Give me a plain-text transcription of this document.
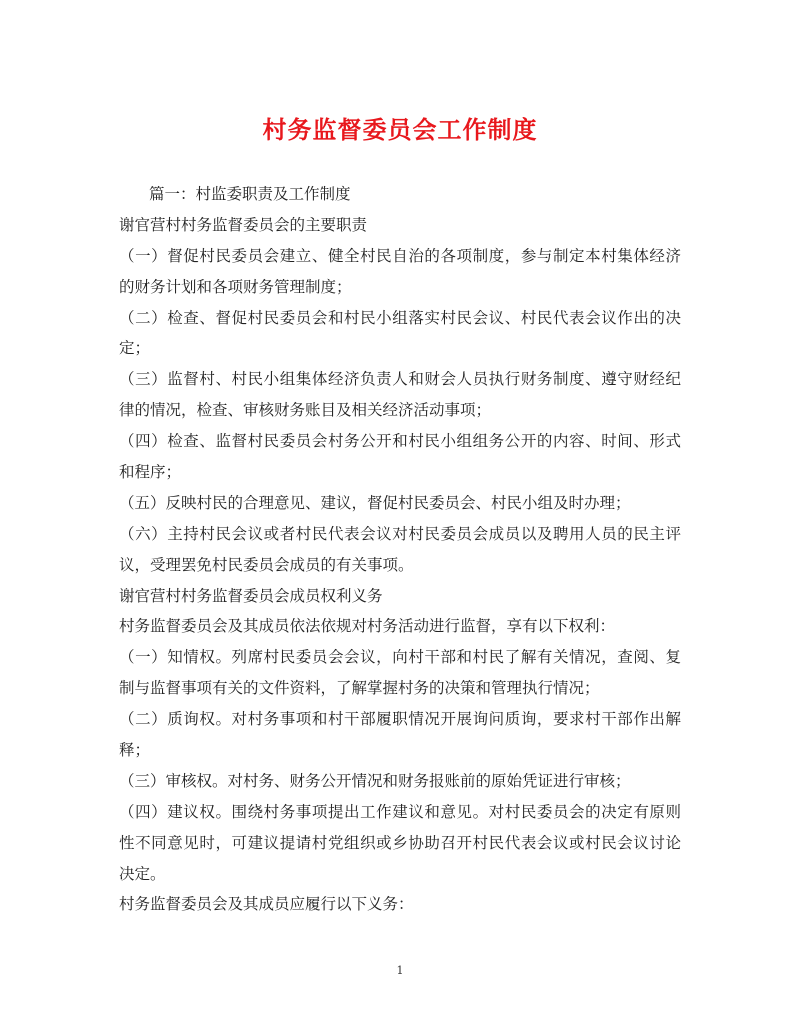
村务监督委员会工作制度
篇一：村监委职责及工作制度
谢官营村村务监督委员会的主要职责
（一）督促村民委员会建立、健全村民自治的各项制度，参与制定本村集体经济
的财务计划和各项财务管理制度；
（二）检查、督促村民委员会和村民小组落实村民会议、村民代表会议作出的决
定；
（三）监督村、村民小组集体经济负责人和财会人员执行财务制度、遵守财经纪
律的情况，检查、审核财务账目及相关经济活动事项；
（四）检查、监督村民委员会村务公开和村民小组组务公开的内容、时间、形式
和程序；
（五）反映村民的合理意见、建议，督促村民委员会、村民小组及时办理；
（六）主持村民会议或者村民代表会议对村民委员会成员以及聘用人员的民主评
议，受理罢免村民委员会成员的有关事项。
谢官营村村务监督委员会成员权利义务
村务监督委员会及其成员依法依规对村务活动进行监督，享有以下权利：
（一）知情权。列席村民委员会会议，向村干部和村民了解有关情况，查阅、复
制与监督事项有关的文件资料，了解掌握村务的决策和管理执行情况；
（二）质询权。对村务事项和村干部履职情况开展询问质询，要求村干部作出解
释；
（三）审核权。对村务、财务公开情况和财务报账前的原始凭证进行审核；
（四）建议权。围绕村务事项提出工作建议和意见。对村民委员会的决定有原则
性不同意见时，可建议提请村党组织或乡协助召开村民代表会议或村民会议讨论
决定。
村务监督委员会及其成员应履行以下义务：
1
